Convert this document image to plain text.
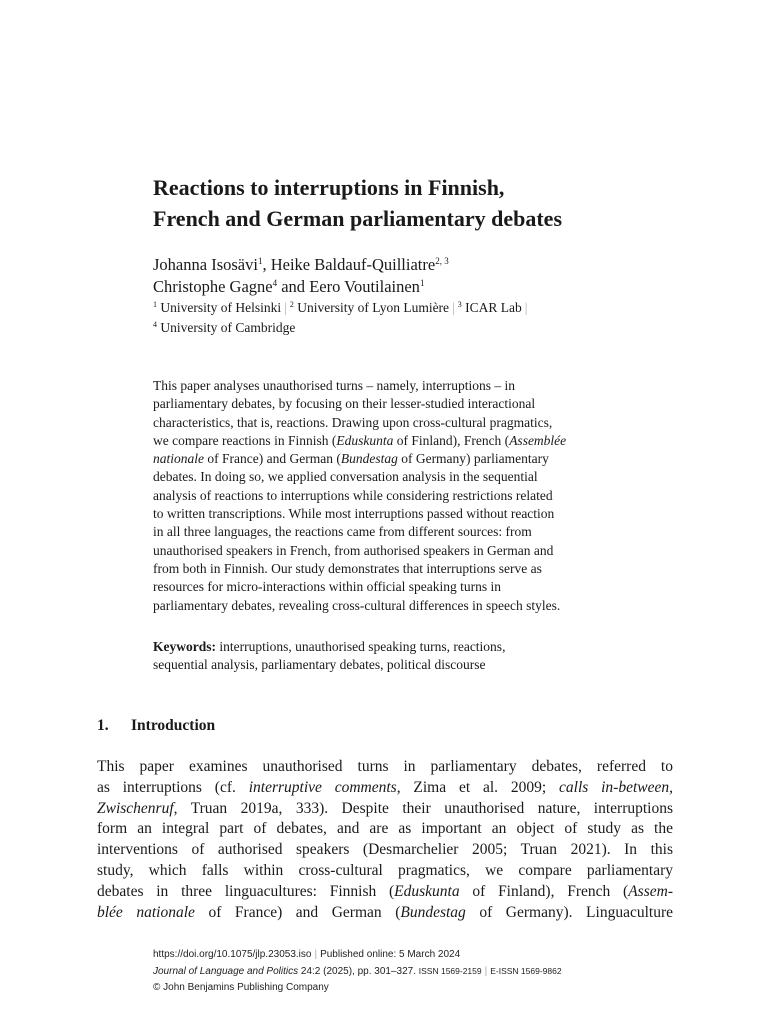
Reactions to interruptions in Finnish,
French and German parliamentary debates
Johanna Isosävi$^1$, Heike Baldauf-Quilliatre$^{2, 3}$
Christophe Gagne$^4$ and Eero Voutilainen$^1$
$^1$ University of Helsinki | $^2$ University of Lyon Lumière | $^3$ ICAR Lab |
$^4$ University of Cambridge
This paper analyses unauthorised turns – namely, interruptions – in
parliamentary debates, by focusing on their lesser-studied interactional
characteristics, that is, reactions. Drawing upon cross-cultural pragmatics,
we compare reactions in Finnish (Eduskunta of Finland), French (Assemblée
nationale of France) and German (Bundestag of Germany) parliamentary
debates. In doing so, we applied conversation analysis in the sequential
analysis of reactions to interruptions while considering restrictions related
to written transcriptions. While most interruptions passed without reaction
in all three languages, the reactions came from different sources: from
unauthorised speakers in French, from authorised speakers in German and
from both in Finnish. Our study demonstrates that interruptions serve as
resources for micro-interactions within official speaking turns in
parliamentary debates, revealing cross-cultural differences in speech styles.
Keywords: interruptions, unauthorised speaking turns, reactions,
sequential analysis, parliamentary debates, political discourse
1. Introduction
This paper examines unauthorised turns in parliamentary debates, referred to
as interruptions (cf. interruptive comments, Zima et al. 2009; calls in-between,
Zwischenruf, Truan 2019a, 333). Despite their unauthorised nature, interruptions
form an integral part of debates, and are as important an object of study as the
interventions of authorised speakers (Desmarchelier 2005; Truan 2021). In this
study, which falls within cross-cultural pragmatics, we compare parliamentary
debates in three linguacultures: Finnish (Eduskunta of Finland), French (Assem-
blée nationale of France) and German (Bundestag of Germany). Linguaculture
https://doi.org/10.1075/jlp.23053.iso | Published online: 5 March 2024
Journal of Language and Politics 24:2 (2025), pp. 301–327. ISSN 1569-2159 | E-ISSN 1569-9862
© John Benjamins Publishing Company
